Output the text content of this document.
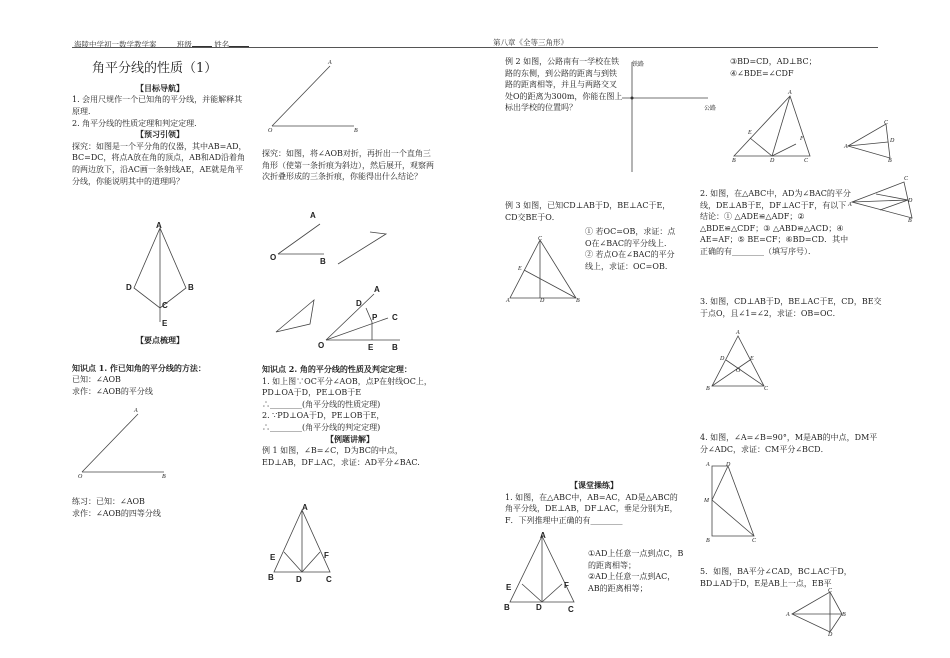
海陵中学初一数学教学案	班级	姓名	第八章《全等三角形》

角平分线的性质（1）

【目标导航】

1. 会用尺规作一个已知角的平分线，并能解释其原理．

2. 角平分线的性质定理和判定定理．

【预习引领】

探究：如图是一个平分角的仪器，其中AB=AD，BC=DC，将点A放在角的顶点，AB和AD沿着角的两边放下，沿AC画一条射线AE，AE就是角平分线，你能说明其中的道理吗？

A
D	B
C
E

【要点梳理】

知识点 1. 作已知角的平分线的方法：

已知：∠AOB

求作：∠AOB的平分线

A
O	B

练习：已知：∠AOB

求作：∠AOB的四等分线

A
O	B

探究：如图，将∠AOB对折，再折出一个直角三角形（使第一条折痕为斜边），然后展开，观察两次折叠形成的三条折痕，你能得出什么结论？

A
O	B
A
D
P C
O	E B

知识点 2. 角的平分线的性质及判定定理：

1. 如上图∵OC平分∠AOB，点P在射线OC上，PD⊥OA于D，PE⊥OB于E

∴________(角平分线的性质定理)

2. ∵PD⊥OA于D，PE⊥OB于E，

∴________(角平分线的判定定理)

【例题讲解】

例 1 如图，∠B=∠C，D为BC的中点，ED⊥AB，DF⊥AC，求证：AD平分∠BAC.

A
E	F
B	D	C

例 2 如图，公路南有一学校在铁路的东侧，到公路的距离与到铁路的距离相等，并且与两路交叉处O的距离为300m，你能在图上标出学校的位置吗？

铁路
公路

例 3 如图，已知CD⊥AB于D，BE⊥AC于E，CD交BE于O．

① 若OC=OB，求证：点O在∠BAC的平分线上．

② 若点O在∠BAC的平分线上，求证：OC=OB．

C
E
A	D	B

【课堂操练】

1. 如图，在△ABC中，AB=AC，AD是△ABC的角平分线，DE⊥AB，DF⊥AC，垂足分别为E，F．下列推理中正确的有________

①AD上任意一点到点C，B的距离相等；

②AD上任意一点到AC，AB的距离相等；

A
E	F
B	D	C

③BD=CD，AD⊥BC；

④∠BDE=∠CDF

A
E
F
B	D	C
C
A
D
B
C
A
D
B

2. 如图，在△ABC中，AD为∠BAC的平分线，DE⊥AB于E，DF⊥AC于F，有以下结论：① △ADE≌△ADF；② △BDE≌△CDF；③ △ABD≌△ACD；④ AE=AF；⑤ BE=CF；⑥BD=CD．其中正确的有________（填写序号）．

3. 如图，CD⊥AB于D，BE⊥AC于E，CD，BE交于点O，且∠1=∠2，求证：OB=OC．

A
D	E
O
B	C

4. 如图，∠A=∠B=90°，M是AB的中点，DM平分∠ADC，求证：CM平分∠BCD．

A	D
M
B	C

5．如图，BA平分∠CAD，BC⊥AC于D，BD⊥AD于D，E是AB上一点，EB平

C
A	B
D
